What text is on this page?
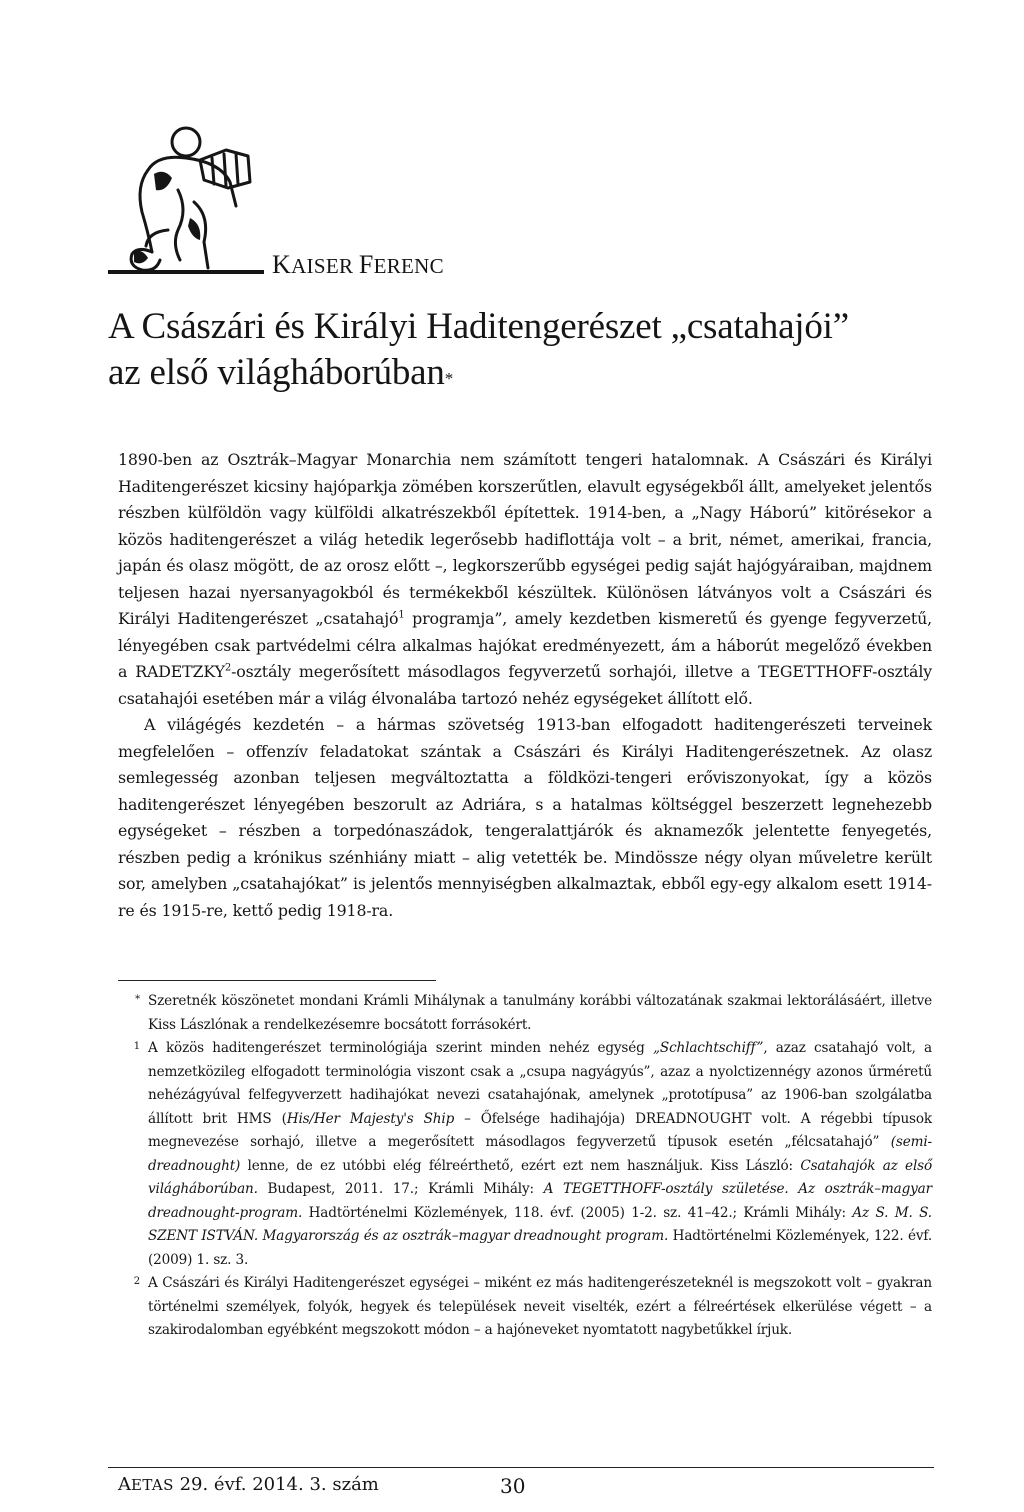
KAISER FERENC
A Császári és Királyi Haditengerészet „csatahajói”
az első világháborúban*

1890-ben az Osztrák–Magyar Monarchia nem számított tengeri hatalomnak. A Császári és Királyi Haditengerészet kicsiny hajóparkja zömében korszerűtlen, elavult egységekből állt, amelyeket jelentős részben külföldön vagy külföldi alkatrészekből építettek. 1914-ben, a „Nagy Háború” kitörésekor a közös haditengerészet a világ hetedik legerősebb hadiflottája volt – a brit, német, amerikai, francia, japán és olasz mögött, de az orosz előtt –, legkorszerűbb egységei pedig saját hajógyáraiban, majdnem teljesen hazai nyersanyagokból és termékekből készültek. Különösen látványos volt a Császári és Királyi Haditengerészet „csatahajó$^1$ programja”, amely kezdetben kismeretű és gyenge fegyverzetű, lényegében csak partvédelmi célra alkalmas hajókat eredményezett, ám a háborút megelőző években a RADETZKY$^2$-osztály megerősített másodlagos fegyverzetű sorhajói, illetve a TEGETTHOFF-osztály csatahajói esetében már a világ élvonalába tartozó nehéz egységeket állított elő.

A világégés kezdetén – a hármas szövetség 1913-ban elfogadott haditengerészeti terveinek megfelelően – offenzív feladatokat szántak a Császári és Királyi Haditengerészetnek. Az olasz semlegesség azonban teljesen megváltoztatta a földközi-tengeri erőviszonyokat, így a közös haditengerészet lényegében beszorult az Adriára, s a hatalmas költséggel beszerzett legnehezebb egységeket – részben a torpedónaszádok, tengeralattjárók és aknamezők jelentette fenyegetés, részben pedig a krónikus szénhiány miatt – alig vetették be. Mindössze négy olyan műveletre került sor, amelyben „csatahajókat” is jelentős mennyiségben alkalmaztak, ebből egy-egy alkalom esett 1914-re és 1915-re, kettő pedig 1918-ra.

* Szeretnék köszönetet mondani Krámli Mihálynak a tanulmány korábbi változatának szakmai lektorálásáért, illetve Kiss Lászlónak a rendelkezésemre bocsátott forrásokért.

1 A közös haditengerészet terminológiája szerint minden nehéz egység „Schlachtschiff”, azaz csatahajó volt, a nemzetközileg elfogadott terminológia viszont csak a „csupa nagyágyús”, azaz a nyolctizennégy azonos űrméretű nehézágyúval felfegyverzett hadihajókat nevezi csatahajónak, amelynek „prototípusa” az 1906-ban szolgálatba állított brit HMS (His/Her Majesty's Ship – Őfelsége hadihajója) DREADNOUGHT volt. A régebbi típusok megnevezése sorhajó, illetve a megerősített másodlagos fegyverzetű típusok esetén „félcsatahajó” (semi-dreadnought) lenne, de ez utóbbi elég félreérthető, ezért ezt nem használjuk. Kiss László: Csatahajók az első világháborúban. Budapest, 2011. 17.; Krámli Mihály: A TEGETTHOFF-osztály születése. Az osztrák–magyar dreadnought-program. Hadtörténelmi Közlemények, 118. évf. (2005) 1-2. sz. 41–42.; Krámli Mihály: Az S. M. S. SZENT ISTVÁN. Magyarország és az osztrák–magyar dreadnought program. Hadtörténelmi Közlemények, 122. évf. (2009) 1. sz. 3.

2 A Császári és Királyi Haditengerészet egységei – miként ez más haditengerészeteknél is megszokott volt – gyakran történelmi személyek, folyók, hegyek és települések neveit viselték, ezért a félreértések elkerülése végett – a szakirodalomban egyébként megszokott módon – a hajóneveket nyomtatott nagybetűkkel írjuk.

AETAS 29. évf. 2014. 3. szám	30
